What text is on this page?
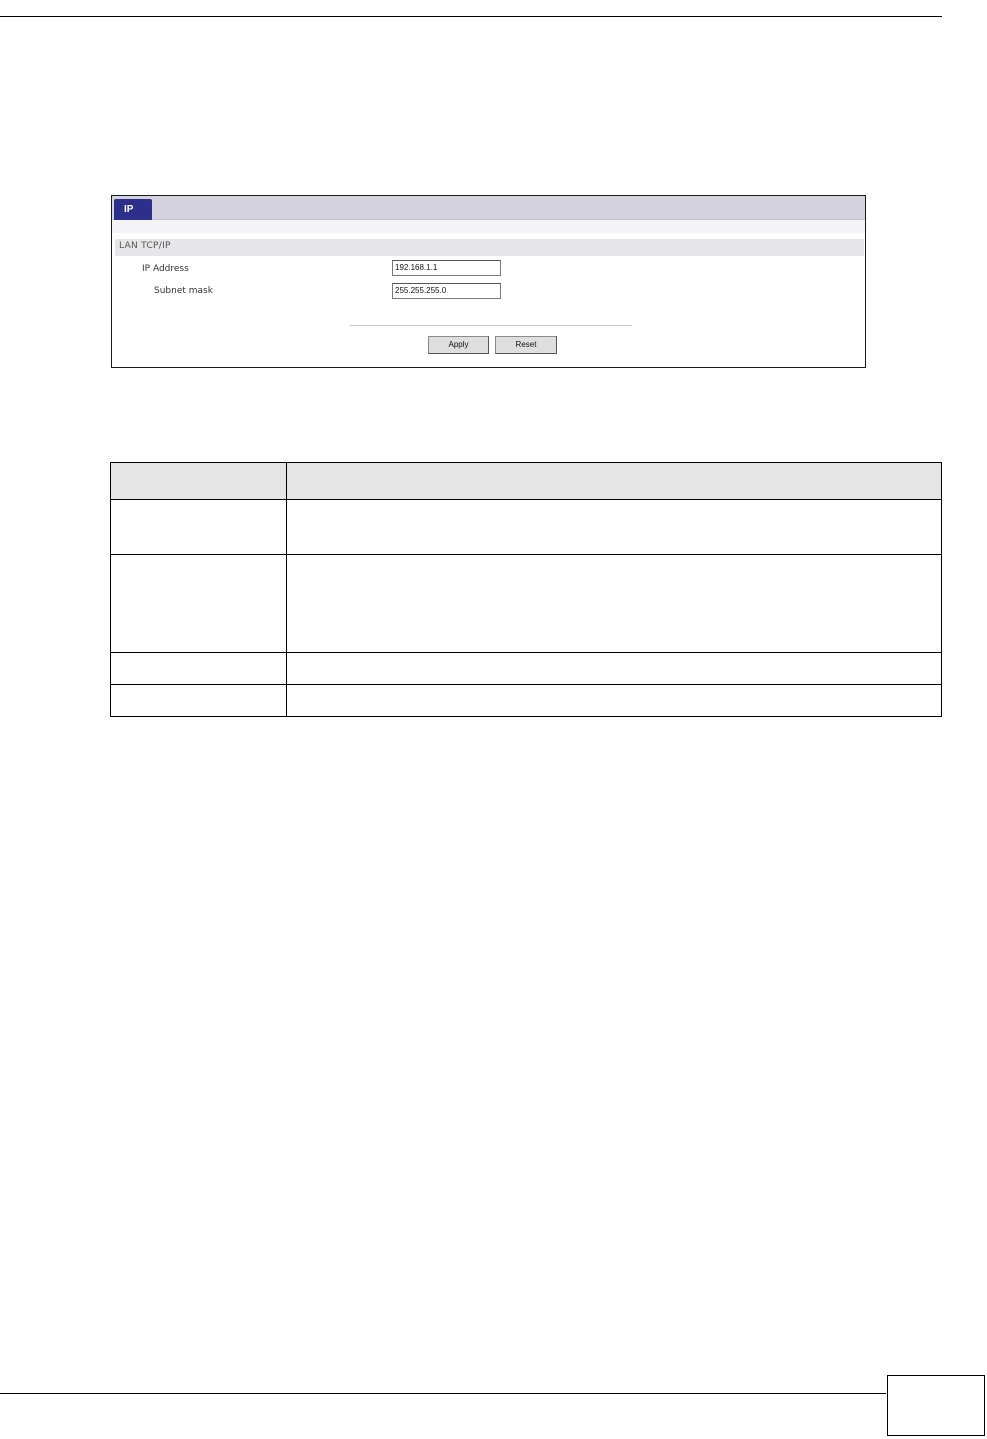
IP
LAN TCP/IP
IP Address	192.168.1.1
Subnet mask	255.255.255.0
Apply	Reset
